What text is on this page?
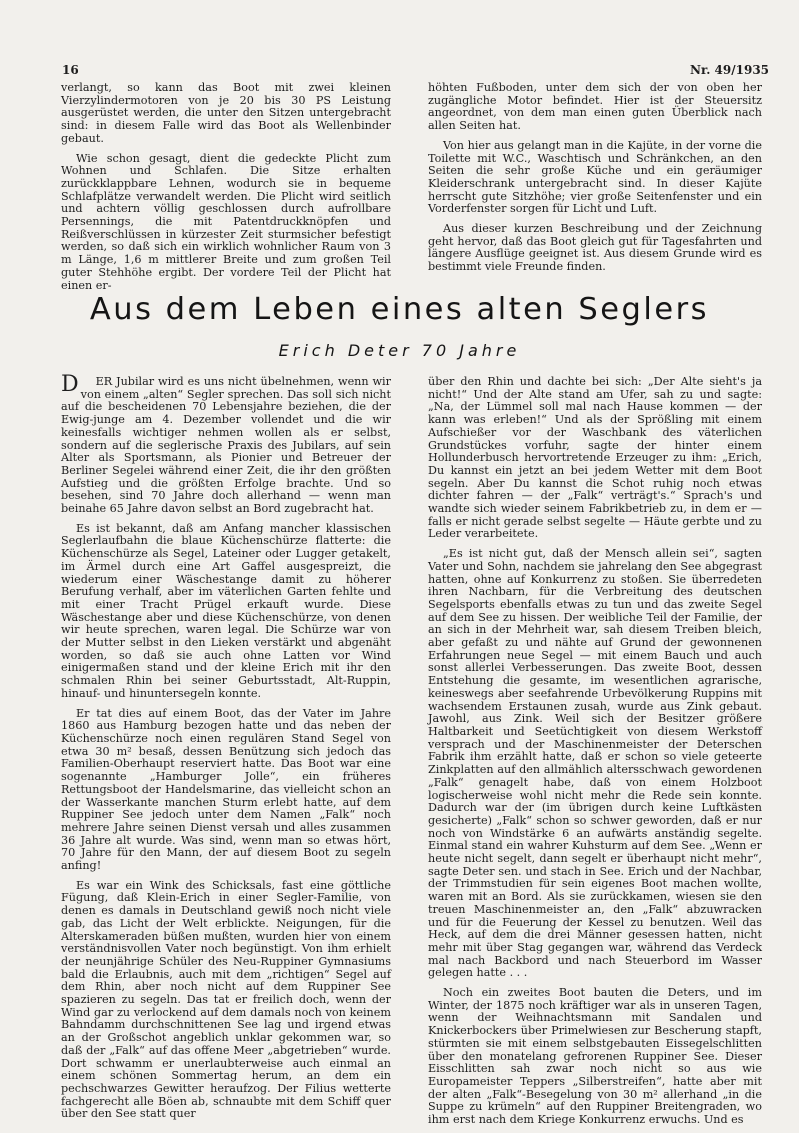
16	Nr. 49/1935

verlangt, so kann das Boot mit zwei kleinen Vierzylindermotoren von je 20 bis 30 PS Leistung ausgerüstet werden, die unter den Sitzen untergebracht sind: in diesem Falle wird das Boot als Wellenbinder gebaut.

Wie schon gesagt, dient die gedeckte Plicht zum Wohnen und Schlafen. Die Sitze erhalten zurückklappbare Lehnen, wodurch sie in bequeme Schlafplätze verwandelt werden. Die Plicht wird seitlich und achtern völlig geschlossen durch aufrollbare Persennings, die mit Patentdruckknöpfen und Reißverschlüssen in kürzester Zeit sturmsicher befestigt werden, so daß sich ein wirklich wohnlicher Raum von 3 m Länge, 1,6 m mittlerer Breite und zum großen Teil guter Stehhöhe ergibt. Der vordere Teil der Plicht hat einen er-

höhten Fußboden, unter dem sich der von oben her zugängliche Motor befindet. Hier ist der Steuersitz angeordnet, von dem man einen guten Überblick nach allen Seiten hat.

Von hier aus gelangt man in die Kajüte, in der vorne die Toilette mit W.C., Waschtisch und Schränkchen, an den Seiten die sehr große Küche und ein geräumiger Kleiderschrank untergebracht sind. In dieser Kajüte herrscht gute Sitzhöhe; vier große Seitenfenster und ein Vorderfenster sorgen für Licht und Luft.

Aus dieser kurzen Beschreibung und der Zeichnung geht hervor, daß das Boot gleich gut für Tagesfahrten und längere Ausflüge geeignet ist. Aus diesem Grunde wird es bestimmt viele Freunde finden.

Aus dem Leben eines alten Seglers
Erich Deter 70 Jahre

D ER Jubilar wird es uns nicht übelnehmen, wenn wir von einem „alten“ Segler sprechen. Das soll sich nicht auf die bescheidenen 70 Lebensjahre beziehen, die der Ewig-junge am 4. Dezember vollendet und die wir keinesfalls wichtiger nehmen wollen als er selbst, sondern auf die seglerische Praxis des Jubilars, auf sein Alter als Sportsmann, als Pionier und Betreuer der Berliner Segelei während einer Zeit, die ihr den größten Aufstieg und die größten Erfolge brachte. Und so besehen, sind 70 Jahre doch allerhand — wenn man beinahe 65 Jahre davon selbst an Bord zugebracht hat.

Es ist bekannt, daß am Anfang mancher klassischen Seglerlaufbahn die blaue Küchenschürze flatterte: die Küchenschürze als Segel, Lateiner oder Lugger getakelt, im Ärmel durch eine Art Gaffel ausgespreizt, die wiederum einer Wäschestange damit zu höherer Berufung verhalf, aber im väterlichen Garten fehlte und mit einer Tracht Prügel erkauft wurde. Diese Wäschestange aber und diese Küchenschürze, von denen wir heute sprechen, waren legal. Die Schürze war von der Mutter selbst in den Lieken verstärkt und abgenäht worden, so daß sie auch ohne Latten vor Wind einigermaßen stand und der kleine Erich mit ihr den schmalen Rhin bei seiner Geburtsstadt, Alt-Ruppin, hinauf- und hinuntersegeln konnte.

Er tat dies auf einem Boot, das der Vater im Jahre 1860 aus Hamburg bezogen hatte und das neben der Küchenschürze noch einen regulären Stand Segel von etwa 30 m² besaß, dessen Benützung sich jedoch das Familien-Oberhaupt reserviert hatte. Das Boot war eine sogenannte „Hamburger Jolle“, ein früheres Rettungsboot der Handelsmarine, das vielleicht schon an der Wasserkante manchen Sturm erlebt hatte, auf dem Ruppiner See jedoch unter dem Namen „Falk“ noch mehrere Jahre seinen Dienst versah und alles zusammen 36 Jahre alt wurde. Was sind, wenn man so etwas hört, 70 Jahre für den Mann, der auf diesem Boot zu segeln anfing!

Es war ein Wink des Schicksals, fast eine göttliche Fügung, daß Klein-Erich in einer Segler-Familie, von denen es damals in Deutschland gewiß noch nicht viele gab, das Licht der Welt erblickte. Neigungen, für die Alterskameraden büßen mußten, wurden hier von einem verständnisvollen Vater noch begünstigt. Von ihm erhielt der neunjährige Schüler des Neu-Ruppiner Gymnasiums bald die Erlaubnis, auch mit dem „richtigen“ Segel auf dem Rhin, aber noch nicht auf dem Ruppiner See spazieren zu segeln. Das tat er freilich doch, wenn der Wind gar zu verlockend auf dem damals noch von keinem Bahndamm durchschnittenen See lag und irgend etwas an der Großschot angeblich unklar gekommen war, so daß der „Falk“ auf das offene Meer „abgetrieben“ wurde. Dort schwamm er unerlaubterweise auch einmal an einem schönen Sommertag herum, an dem ein pechschwarzes Gewitter heraufzog. Der Filius wetterte fachgerecht alle Böen ab, schnaubte mit dem Schiff quer über den See statt quer

über den Rhin und dachte bei sich: „Der Alte sieht's ja nicht!“ Und der Alte stand am Ufer, sah zu und sagte: „Na, der Lümmel soll mal nach Hause kommen — der kann was erleben!“ Und als der Sprößling mit einem Aufschießer vor der Waschbank des väterlichen Grundstückes vorfuhr, sagte der hinter einem Hollunderbusch hervortretende Erzeuger zu ihm: „Erich, Du kannst ein jetzt an bei jedem Wetter mit dem Boot segeln. Aber Du kannst die Schot ruhig noch etwas dichter fahren — der „Falk“ verträgt's.“ Sprach's und wandte sich wieder seinem Fabrikbetrieb zu, in dem er — falls er nicht gerade selbst segelte — Häute gerbte und zu Leder verarbeitete.

„Es ist nicht gut, daß der Mensch allein sei“, sagten Vater und Sohn, nachdem sie jahrelang den See abgegrast hatten, ohne auf Konkurrenz zu stoßen. Sie überredeten ihren Nachbarn, für die Verbreitung des deutschen Segelsports ebenfalls etwas zu tun und das zweite Segel auf dem See zu hissen. Der weibliche Teil der Familie, der an sich in der Mehrheit war, sah diesem Treiben bleich, aber gefaßt zu und nähte auf Grund der gewonnenen Erfahrungen neue Segel — mit einem Bauch und auch sonst allerlei Verbesserungen. Das zweite Boot, dessen Entstehung die gesamte, im wesentlichen agrarische, keineswegs aber seefahrende Urbevölkerung Ruppins mit wachsendem Erstaunen zusah, wurde aus Zink gebaut. Jawohl, aus Zink. Weil sich der Besitzer größere Haltbarkeit und Seetüchtigkeit von diesem Werkstoff versprach und der Maschinenmeister der Deterschen Fabrik ihm erzählt hatte, daß er schon so viele geteerte Zinkplatten auf den allmählich altersschwach gewordenen „Falk“ genagelt habe, daß von einem Holzboot logischerweise wohl nicht mehr die Rede sein konnte. Dadurch war der (im übrigen durch keine Luftkästen gesicherte) „Falk“ schon so schwer geworden, daß er nur noch von Windstärke 6 an aufwärts anständig segelte. Einmal stand ein wahrer Kuhsturm auf dem See. „Wenn er heute nicht segelt, dann segelt er überhaupt nicht mehr“, sagte Deter sen. und stach in See. Erich und der Nachbar, der Trimmstudien für sein eigenes Boot machen wollte, waren mit an Bord. Als sie zurückkamen, wiesen sie den treuen Maschinenmeister an, den „Falk“ abzuwracken und für die Feuerung der Kessel zu benutzen. Weil das Heck, auf dem die drei Männer gesessen hatten, nicht mehr mit über Stag gegangen war, während das Verdeck mal nach Backbord und nach Steuerbord im Wasser gelegen hatte . . .

Noch ein zweites Boot bauten die Deters, und im Winter, der 1875 noch kräftiger war als in unseren Tagen, wenn der Weihnachtsmann mit Sandalen und Knickerbockers über Primelwiesen zur Bescherung stapft, stürmten sie mit einem selbstgebauten Eissegelschlitten über den monatelang gefrorenen Ruppiner See. Dieser Eisschlitten sah zwar noch nicht so aus wie Europameister Teppers „Silberstreifen“, hatte aber mit der alten „Falk“-Besegelung von 30 m² allerhand „in die Suppe zu krümeln“ auf den Ruppiner Breitengraden, wo ihm erst nach dem Kriege Konkurrenz erwuchs. Und es
